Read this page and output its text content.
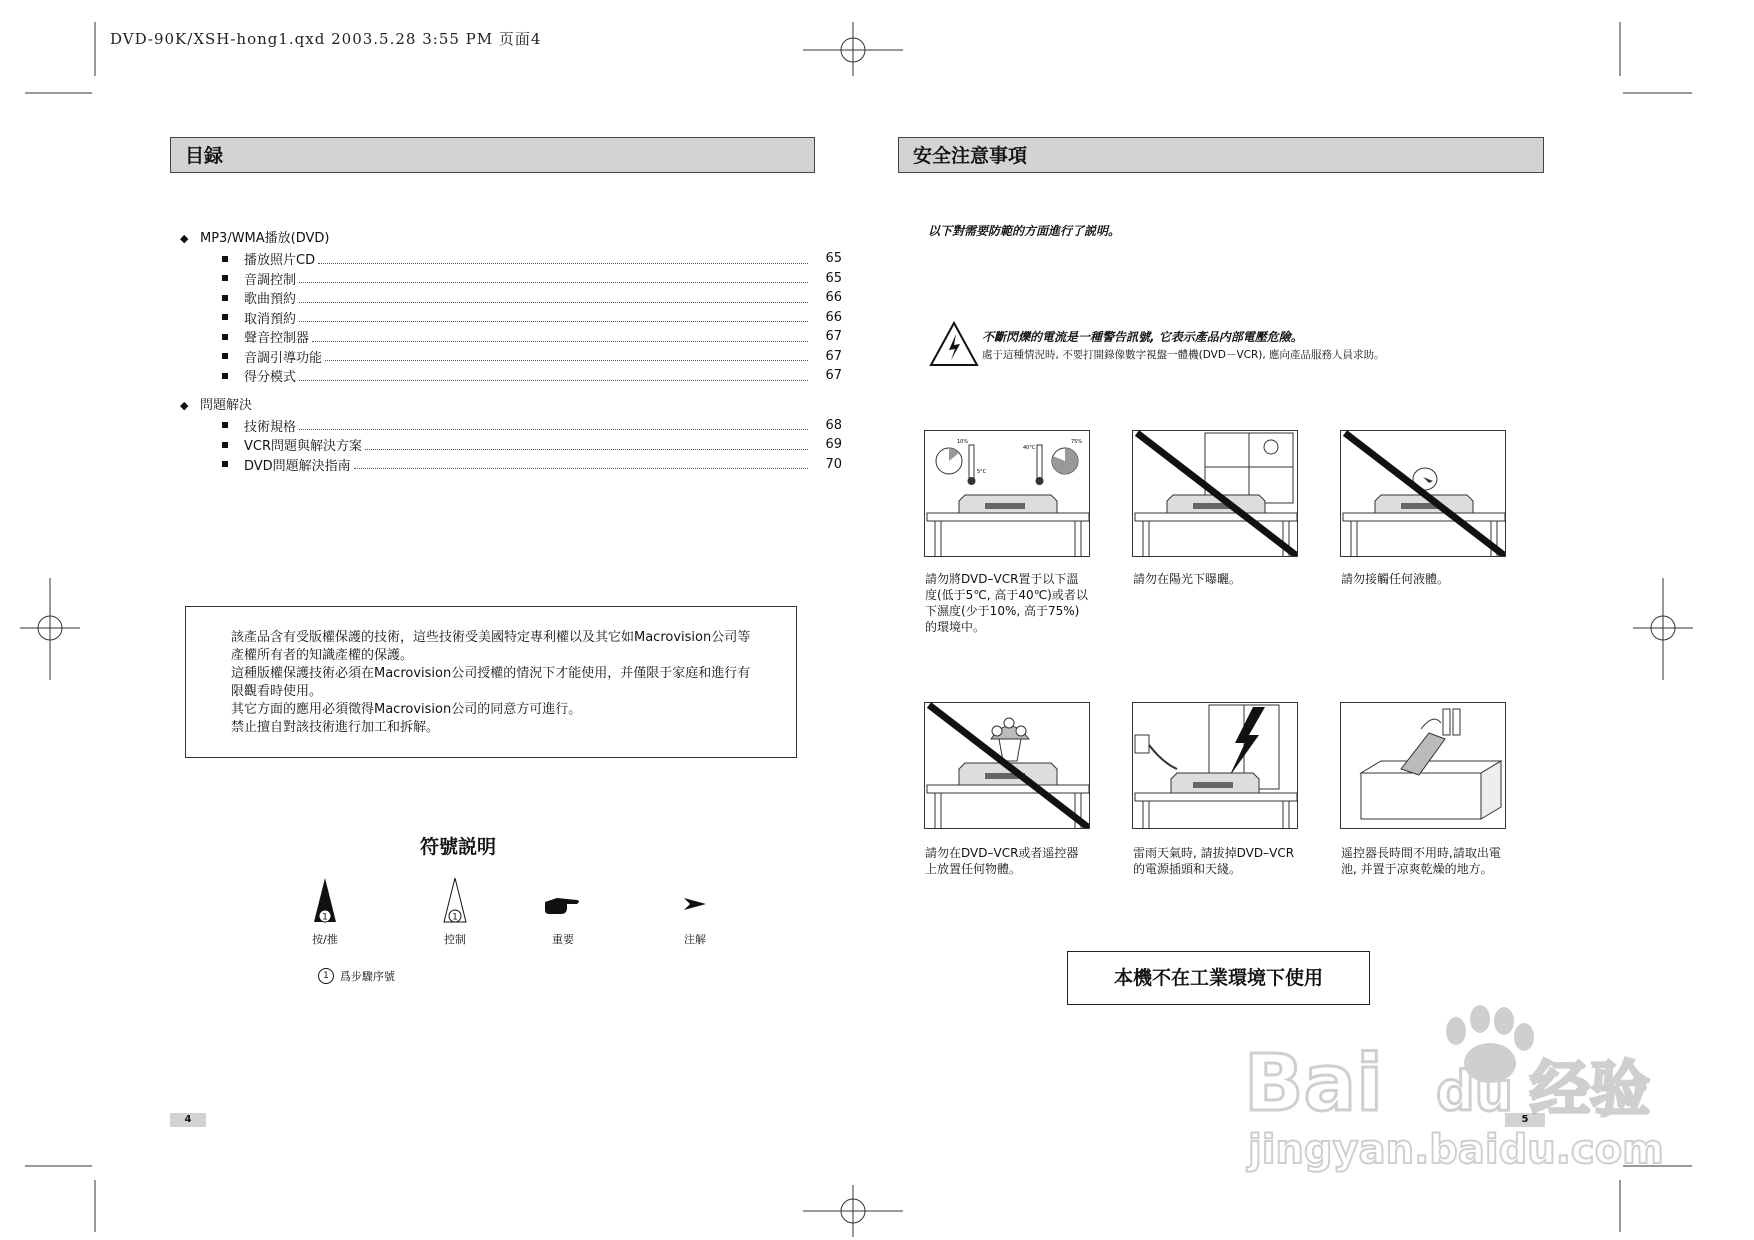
DVD-90K/XSH-hong1.qxd 2003.5.28 3:55 PM 页面4
目録
◆ MP3/WMA播放(DVD)
播放照片CD	65
音調控制	65
歌曲預約	66
取消預約	66
聲音控制器	67
音調引導功能	67
得分模式	67
◆ 問題解決
技術規格	68
VCR問題與解決方案	69
DVD問題解決指南	70
該產品含有受版權保護的技術，這些技術受美國特定專利權以及其它如Macrovision公司等
產權所有者的知識產權的保護。
這種版權保護技術必須在Macrovision公司授權的情況下才能使用，并僅限于家庭和進行有
限觀看時使用。
其它方面的應用必須徵得Macrovision公司的同意方可進行。
禁止擅自對該技術進行加工和拆解。
符號説明
1
按/推
1
控制	重要	注解
1	爲步驟序號
4
安全注意事項
以下對需要防範的方面進行了説明。
不斷閃爍的電流是一種警告訊號, 它表示產品内部電壓危險。
處于這種情況時, 不要打開錄像數字視盤一體機(DVD－VCR), 應向產品服務人員求助。
10%
5°C
40°C
75%
請勿將DVD–VCR置于以下溫度(低于5℃, 高于40℃)或者以下濕度(少于10%, 高于75%)的環境中。
請勿在陽光下曝曬。	請勿接觸任何液體。
請勿在DVD–VCR或者遥控器上放置任何物體。
雷雨天氣時, 請拔掉DVD–VCR的電源插頭和天綫。
遥控器長時間不用時,請取出電池, 并置于凉爽乾燥的地方。
本機不在工業環境下使用
5
Bai du 经验
jingyan.baidu.com
